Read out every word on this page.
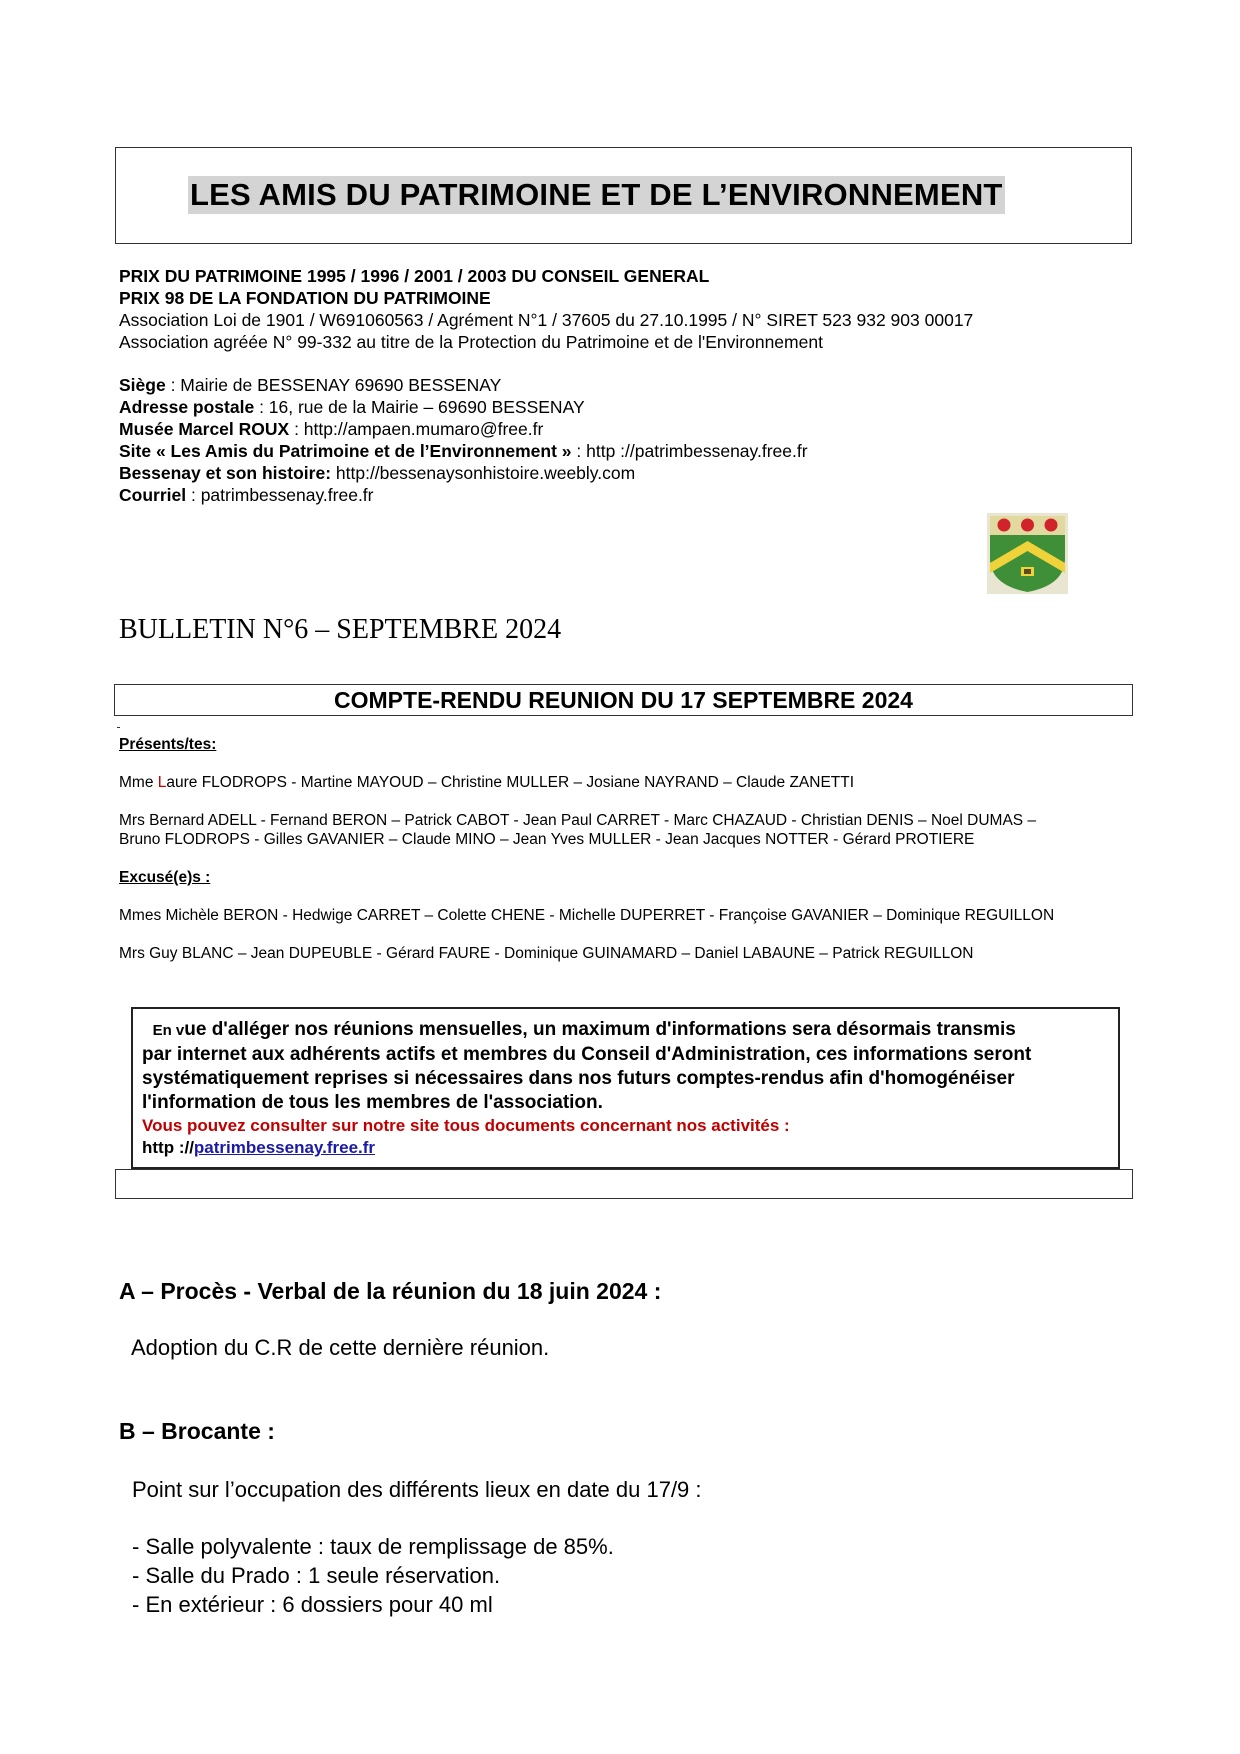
LES AMIS DU PATRIMOINE ET DE L’ENVIRONNEMENT
PRIX DU PATRIMOINE 1995 / 1996 / 2001 / 2003 DU CONSEIL GENERAL
PRIX 98 DE LA FONDATION DU PATRIMOINE
Association Loi de 1901 / W691060563 / Agrément N°1 / 37605 du 27.10.1995 / N° SIRET 523 932 903 00017
Association agréée N° 99-332 au titre de la Protection du Patrimoine et de l'Environnement
Siège : Mairie de BESSENAY 69690 BESSENAY
Adresse postale : 16, rue de la Mairie – 69690 BESSENAY
Musée Marcel ROUX : http://ampaen.mumaro@free.fr
Site « Les Amis du Patrimoine et de l’Environnement » : http ://patrimbessenay.free.fr
Bessenay et son histoire: http://bessenaysonhistoire.weebly.com
Courriel : patrimbessenay.free.fr
BULLETIN N°6 – SEPTEMBRE 2024
COMPTE-RENDU REUNION DU 17 SEPTEMBRE 2024
Présents/tes:
Mme Laure FLODROPS - Martine MAYOUD – Christine MULLER – Josiane NAYRAND – Claude ZANETTI
Mrs Bernard ADELL - Fernand BERON – Patrick CABOT - Jean Paul CARRET - Marc CHAZAUD - Christian DENIS – Noel DUMAS –
Bruno FLODROPS - Gilles GAVANIER – Claude MINO – Jean Yves MULLER - Jean Jacques NOTTER - Gérard PROTIERE
Excusé(e)s :
Mmes Michèle BERON - Hedwige CARRET – Colette CHENE - Michelle DUPERRET - Françoise GAVANIER – Dominique REGUILLON
Mrs Guy BLANC – Jean DUPEUBLE - Gérard FAURE - Dominique GUINAMARD – Daniel LABAUNE – Patrick REGUILLON
En vue d'alléger nos réunions mensuelles, un maximum d'informations sera désormais transmis
par internet aux adhérents actifs et membres du Conseil d'Administration, ces informations seront
systématiquement reprises si nécessaires dans nos futurs comptes-rendus afin d'homogénéiser
l'information de tous les membres de l'association.
Vous pouvez consulter sur notre site tous documents concernant nos activités :
http ://patrimbessenay.free.fr
A – Procès - Verbal de la réunion du 18 juin 2024 :
Adoption du C.R de cette dernière réunion.
B – Brocante :
Point sur l’occupation des différents lieux en date du 17/9 :
- Salle polyvalente : taux de remplissage de 85%.
- Salle du Prado : 1 seule réservation.
- En extérieur : 6 dossiers pour 40 ml
